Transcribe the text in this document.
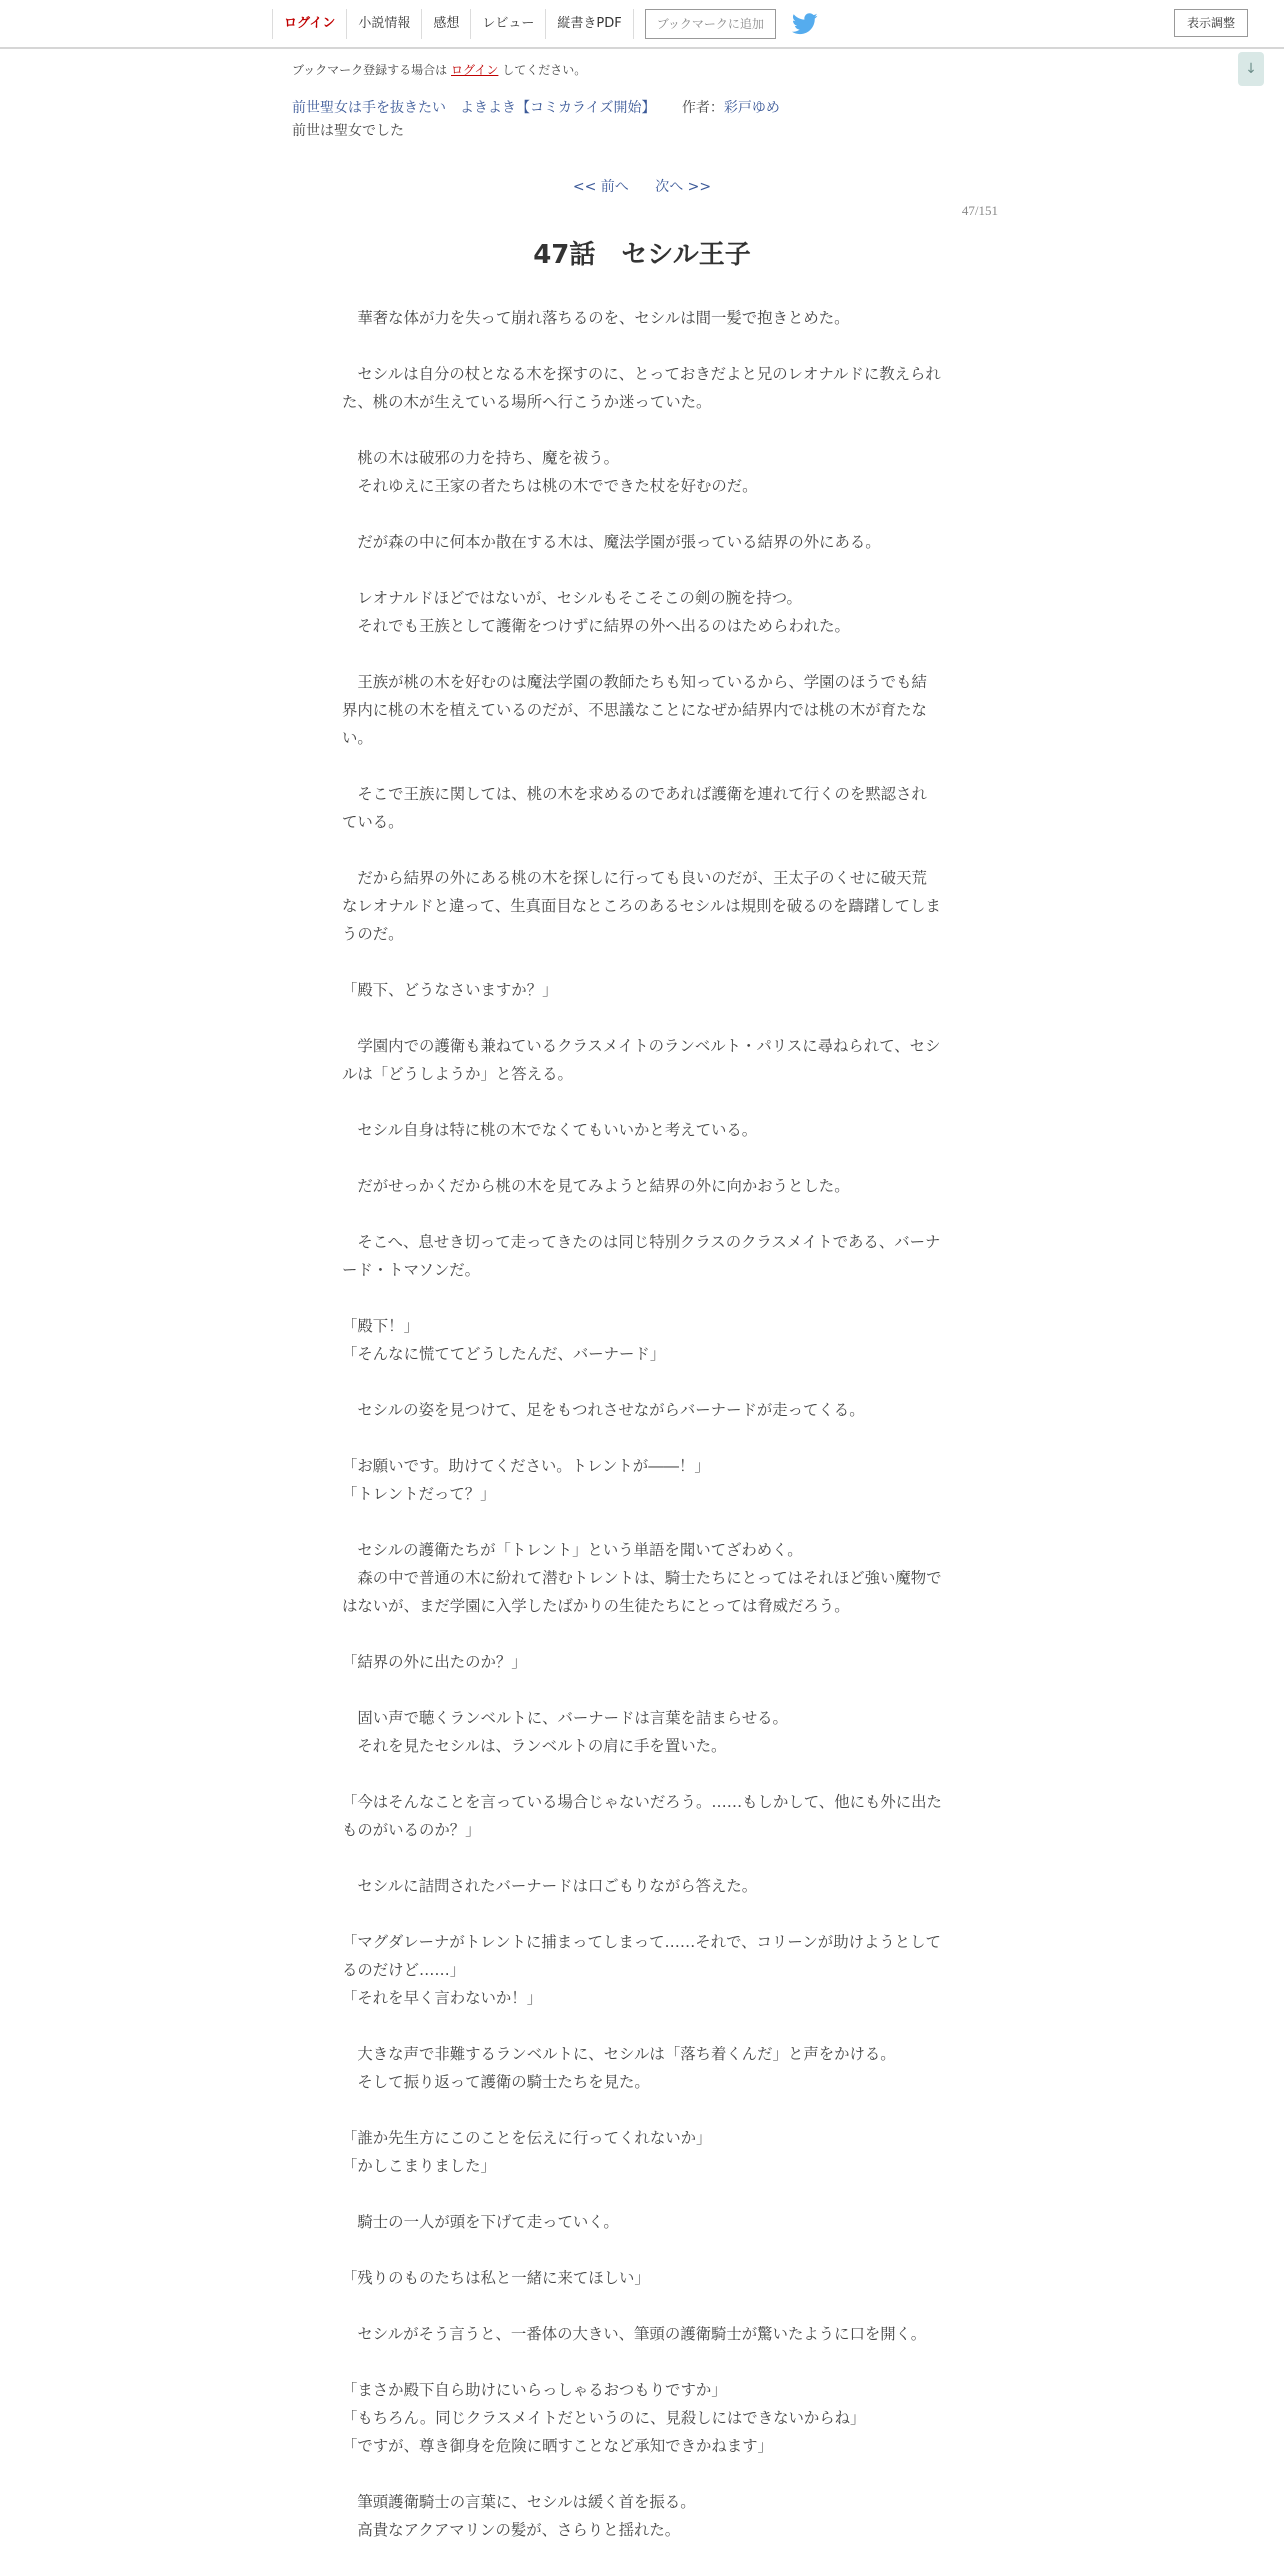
ログイン	小説情報	感想	レビュー	縦書きPDF	ブックマークに追加	表示調整
↓
ブックマーク登録する場合は ログイン してください。
前世聖女は手を抜きたい　よきよき【コミカライズ開始】 作者：彩戸ゆめ
前世は聖女でした
<< 前へ 次へ >>
47/151
47話　セシル王子

　華奢な体が力を失って崩れ落ちるのを、セシルは間一髪で抱きとめた。

　セシルは自分の杖となる木を探すのに、とっておきだよと兄のレオナルドに教えられた、桃の木が生えている場所へ行こうか迷っていた。

　桃の木は破邪の力を持ち、魔を祓う。

　それゆえに王家の者たちは桃の木でできた杖を好むのだ。

　だが森の中に何本か散在する木は、魔法学園が張っている結界の外にある。

　レオナルドほどではないが、セシルもそこそこの剣の腕を持つ。

　それでも王族として護衛をつけずに結界の外へ出るのはためらわれた。

　王族が桃の木を好むのは魔法学園の教師たちも知っているから、学園のほうでも結界内に桃の木を植えているのだが、不思議なことになぜか結界内では桃の木が育たない。

　そこで王族に関しては、桃の木を求めるのであれば護衛を連れて行くのを黙認されている。

　だから結界の外にある桃の木を探しに行っても良いのだが、王太子のくせに破天荒なレオナルドと違って、生真面目なところのあるセシルは規則を破るのを躊躇してしまうのだ。

「殿下、どうなさいますか？」

　学園内での護衛も兼ねているクラスメイトのランベルト・パリスに尋ねられて、セシルは「どうしようか」と答える。

　セシル自身は特に桃の木でなくてもいいかと考えている。

　だがせっかくだから桃の木を見てみようと結界の外に向かおうとした。

　そこへ、息せき切って走ってきたのは同じ特別クラスのクラスメイトである、バーナード・トマソンだ。

「殿下！」

「そんなに慌ててどうしたんだ、バーナード」

　セシルの姿を見つけて、足をもつれさせながらバーナードが走ってくる。

「お願いです。助けてください。トレントが――！」

「トレントだって？」

　セシルの護衛たちが「トレント」という単語を聞いてざわめく。

　森の中で普通の木に紛れて潜むトレントは、騎士たちにとってはそれほど強い魔物ではないが、まだ学園に入学したばかりの生徒たちにとっては脅威だろう。

「結界の外に出たのか？」

　固い声で聴くランベルトに、バーナードは言葉を詰まらせる。

　それを見たセシルは、ランベルトの肩に手を置いた。

「今はそんなことを言っている場合じゃないだろう。……もしかして、他にも外に出たものがいるのか？」

　セシルに詰問されたバーナードは口ごもりながら答えた。

「マグダレーナがトレントに捕まってしまって……それで、コリーンが助けようとしてるのだけど……」

「それを早く言わないか！」

　大きな声で非難するランベルトに、セシルは「落ち着くんだ」と声をかける。

　そして振り返って護衛の騎士たちを見た。

「誰か先生方にこのことを伝えに行ってくれないか」

「かしこまりました」

　騎士の一人が頭を下げて走っていく。

「残りのものたちは私と一緒に来てほしい」

　セシルがそう言うと、一番体の大きい、筆頭の護衛騎士が驚いたように口を開く。

「まさか殿下自ら助けにいらっしゃるおつもりですか」

「もちろん。同じクラスメイトだというのに、見殺しにはできないからね」

「ですが、尊き御身を危険に晒すことなど承知できかねます」

　筆頭護衛騎士の言葉に、セシルは緩く首を振る。

　高貴なアクアマリンの髪が、さらりと揺れた。
